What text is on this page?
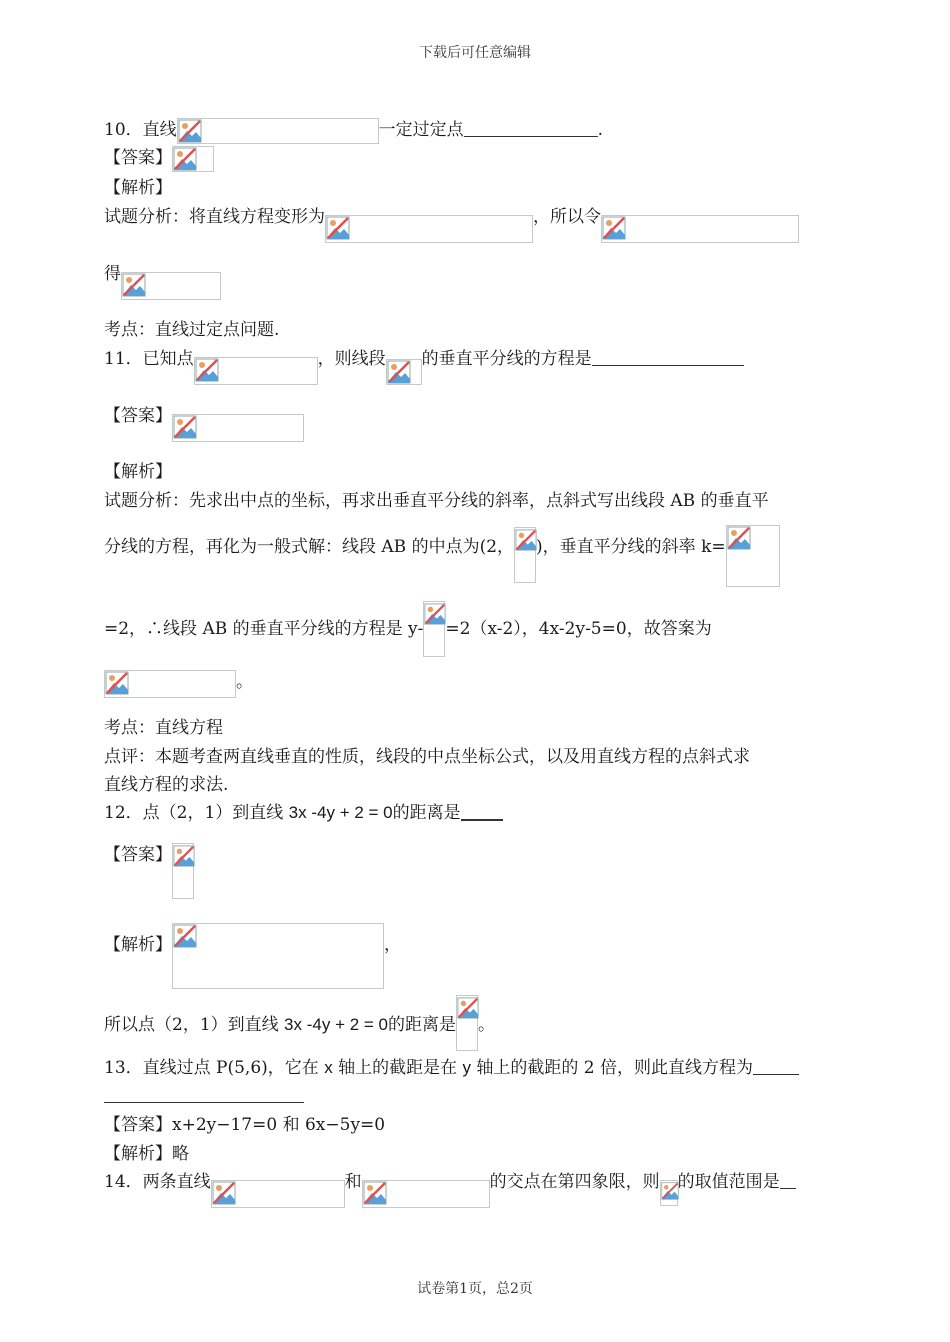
下载后可任意编辑
10．直线	一定过定点	.
【答案】
【解析】
试题分析：将直线方程变形为	，所以令
得
考点：直线过定点问题.
11．已知点	，则线段 的垂直平分线的方程是
【答案】
【解析】
试题分析：先求出中点的坐标，再求出垂直平分线的斜率，点斜式写出线段 AB 的垂直平
分线的方程，再化为一般式解：线段 AB 的中点为(2， )，垂直平分线的斜率 k=
=2，∴线段 AB 的垂直平分线的方程是 y- =2（x-2），4x-2y-5=0，故答案为
。
考点：直线方程
点评：本题考查两直线垂直的性质，线段的中点坐标公式，以及用直线方程的点斜式求
直线方程的求法.
12．点（2，1）到直线 3x -4y + 2 = 0的距离是
【答案】
【解析】	，
所以点（2，1）到直线 3x -4y + 2 = 0的距离是 。
13．直线过点 P(5,6)，它在 x 轴上的截距是在 y 轴上的截距的 2 倍，则此直线方程为
【答案】x+2y−17=0 和 6x−5y=0
【解析】略
14．两条直线	和	的交点在第四象限，则 的取值范围是
试卷第1页，总2页
